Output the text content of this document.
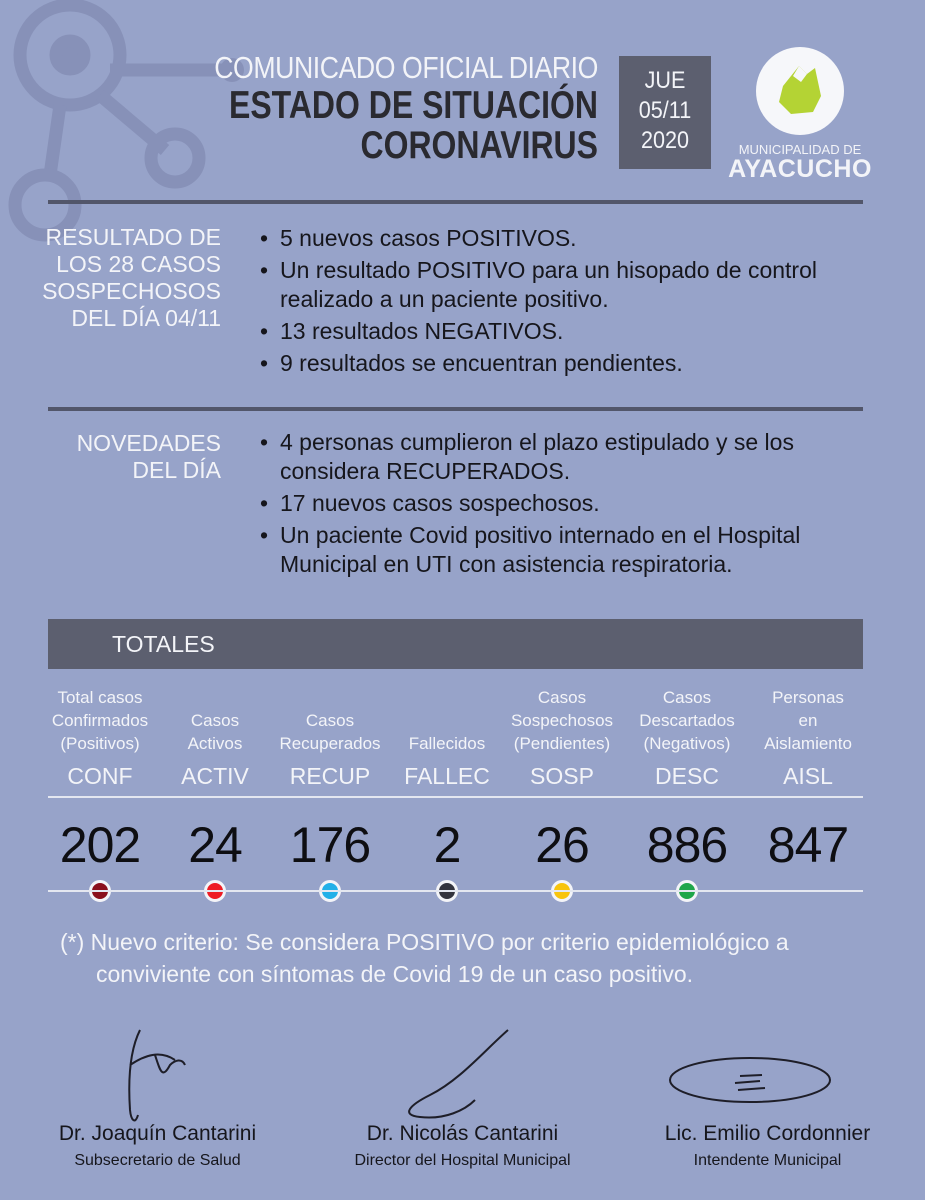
COMUNICADO OFICIAL DIARIO
ESTADO DE SITUACIÓN
CORONAVIRUS
JUE
05/11
2020	MUNICIPALIDAD DE
AYACUCHO
RESULTADO DE
LOS 28 CASOS
SOSPECHOSOS
DEL DÍA 04/11
• 5 nuevos casos POSITIVOS.
• Un resultado POSITIVO para un hisopado de control realizado a un paciente positivo.
• 13 resultados NEGATIVOS.
• 9 resultados se encuentran pendientes.
NOVEDADES
DEL DÍA
• 4 personas cumplieron el plazo estipulado y se los considera RECUPERADOS.
• 17 nuevos casos sospechosos.
• Un paciente Covid positivo internado en el Hospital Municipal en UTI con asistencia respiratoria.
TOTALES
Total casos
Confirmados
(Positivos)
CONF
202
Casos
Activos
ACTIV
24
Casos
Recuperados
RECUP
176
Fallecidos
FALLEC
2
Casos
Sospechosos
(Pendientes)
SOSP
26
Casos
Descartados
(Negativos)
DESC
886
Personas
en
Aislamiento
AISL
847
(*) Nuevo criterio: Se considera POSITIVO por criterio epidemiológico a
conviviente con síntomas de Covid 19 de un caso positivo.
Dr. Joaquín Cantarini
Subsecretario de Salud
Dr. Nicolás Cantarini
Director del Hospital Municipal
Lic. Emilio Cordonnier
Intendente Municipal
